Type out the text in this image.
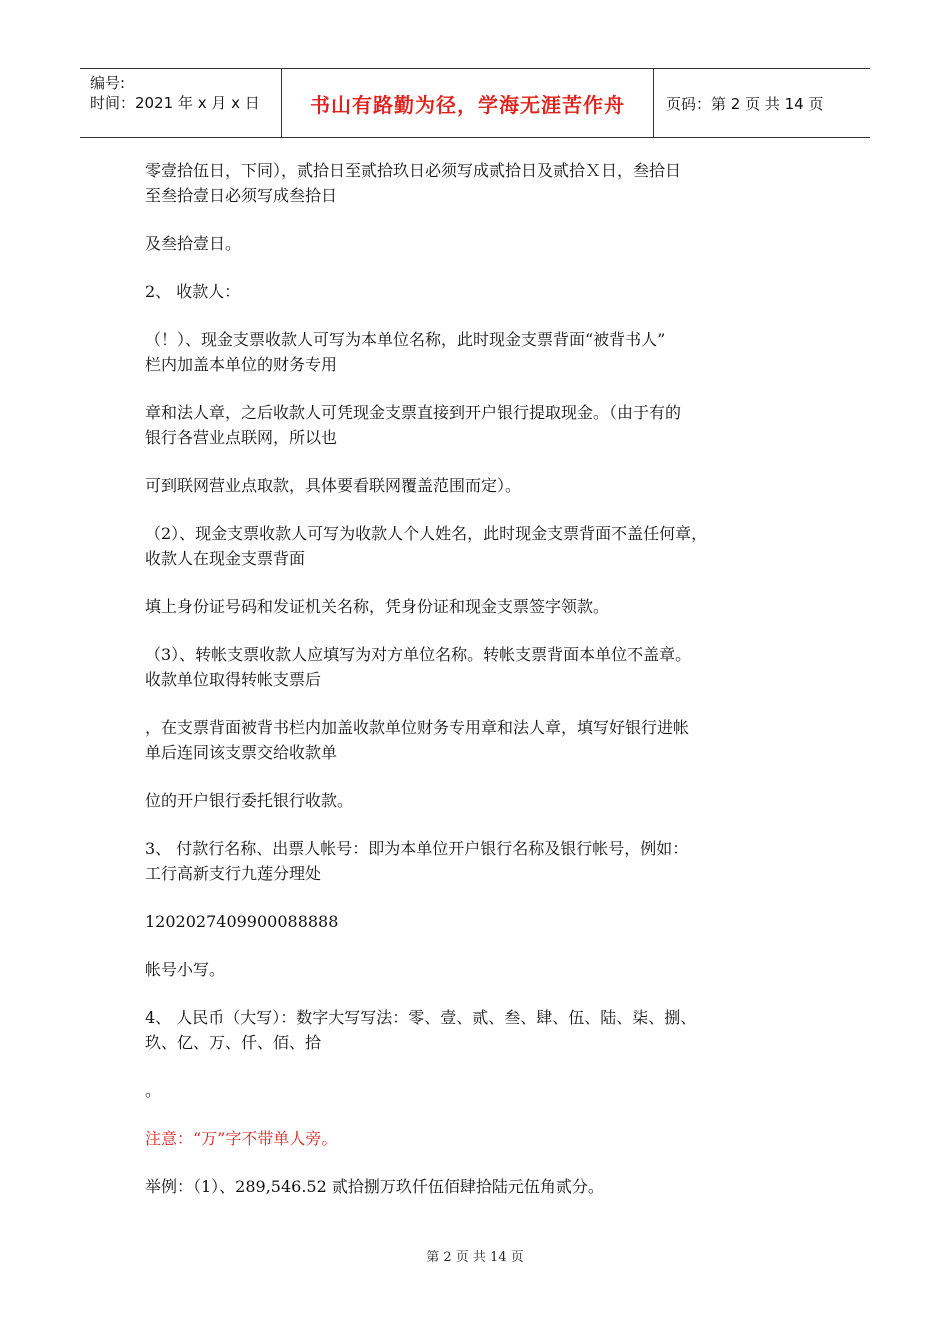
编号:
时间：2021 年 x 月 x 日	书山有路勤为径，学海无涯苦作舟	页码：第 2 页 共 14 页
零壹拾伍日，下同），贰拾日至贰拾玖日必须写成贰拾日及贰拾Ｘ日，叁拾日
至叁拾壹日必须写成叁拾日
及叁拾壹日。
2、 收款人：
（！）、现金支票收款人可写为本单位名称，此时现金支票背面“被背书人”
栏内加盖本单位的财务专用
章和法人章，之后收款人可凭现金支票直接到开户银行提取现金。（由于有的
银行各营业点联网，所以也
可到联网营业点取款，具体要看联网覆盖范围而定）。
（2）、现金支票收款人可写为收款人个人姓名，此时现金支票背面不盖任何章，
收款人在现金支票背面
填上身份证号码和发证机关名称，凭身份证和现金支票签字领款。
（3）、转帐支票收款人应填写为对方单位名称。转帐支票背面本单位不盖章。
收款单位取得转帐支票后
，在支票背面被背书栏内加盖收款单位财务专用章和法人章，填写好银行进帐
单后连同该支票交给收款单
位的开户银行委托银行收款。
3、 付款行名称、出票人帐号：即为本单位开户银行名称及银行帐号，例如：
工行高新支行九莲分理处
1202027409900088888
帐号小写。
4、 人民币（大写）：数字大写写法：零、壹、贰、叁、肆、伍、陆、柒、捌、
玖、亿、万、仟、佰、拾
。
注意：“万”字不带单人旁。
举例：（1）、289,546.52 贰拾捌万玖仟伍佰肆拾陆元伍角贰分。
第 2 页 共 14 页
